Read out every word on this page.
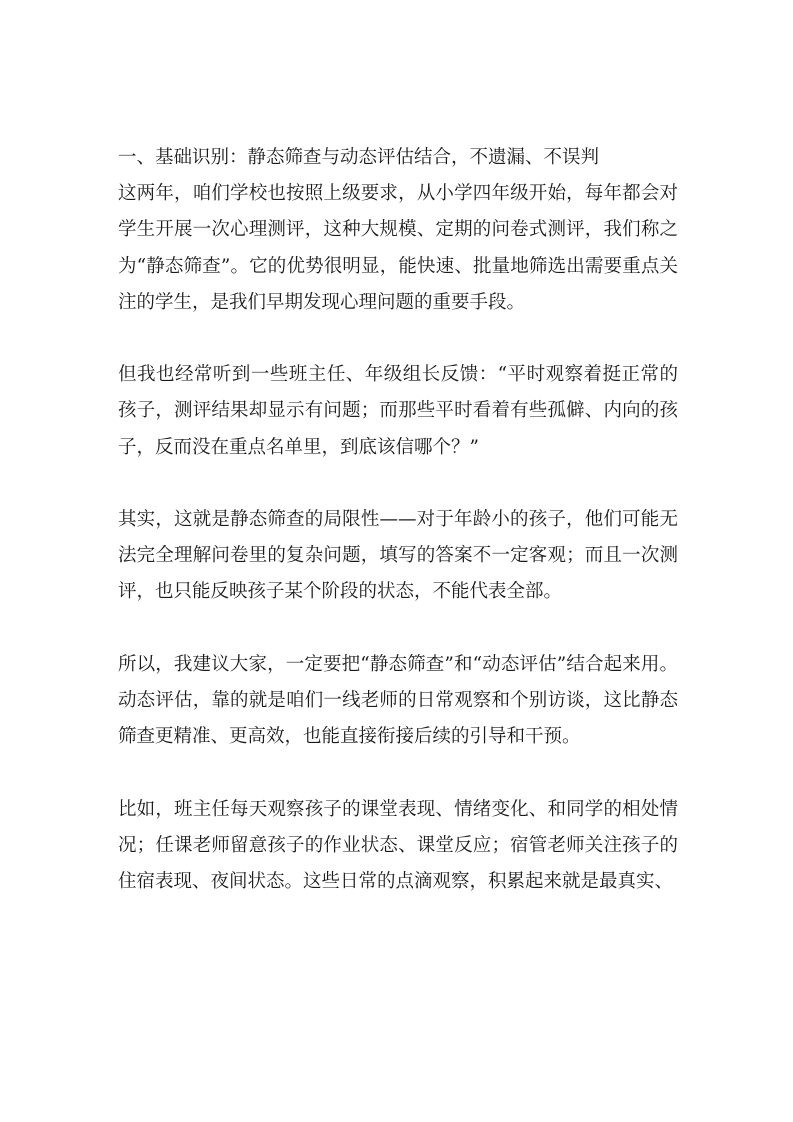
一、基础识别：静态筛查与动态评估结合，不遗漏、不误判

这两年，咱们学校也按照上级要求，从小学四年级开始，每年都会对学生开展一次心理测评，这种大规模、定期的问卷式测评，我们称之为“静态筛查”。它的优势很明显，能快速、批量地筛选出需要重点关注的学生，是我们早期发现心理问题的重要手段。

但我也经常听到一些班主任、年级组长反馈：“平时观察着挺正常的孩子，测评结果却显示有问题；而那些平时看着有些孤僻、内向的孩子，反而没在重点名单里，到底该信哪个？”

其实，这就是静态筛查的局限性——对于年龄小的孩子，他们可能无法完全理解问卷里的复杂问题，填写的答案不一定客观；而且一次测评，也只能反映孩子某个阶段的状态，不能代表全部。

所以，我建议大家，一定要把“静态筛查”和“动态评估”结合起来用。动态评估，靠的就是咱们一线老师的日常观察和个别访谈，这比静态筛查更精准、更高效，也能直接衔接后续的引导和干预。

比如，班主任每天观察孩子的课堂表现、情绪变化、和同学的相处情况；任课老师留意孩子的作业状态、课堂反应；宿管老师关注孩子的住宿表现、夜间状态。这些日常的点滴观察，积累起来就是最真实、
